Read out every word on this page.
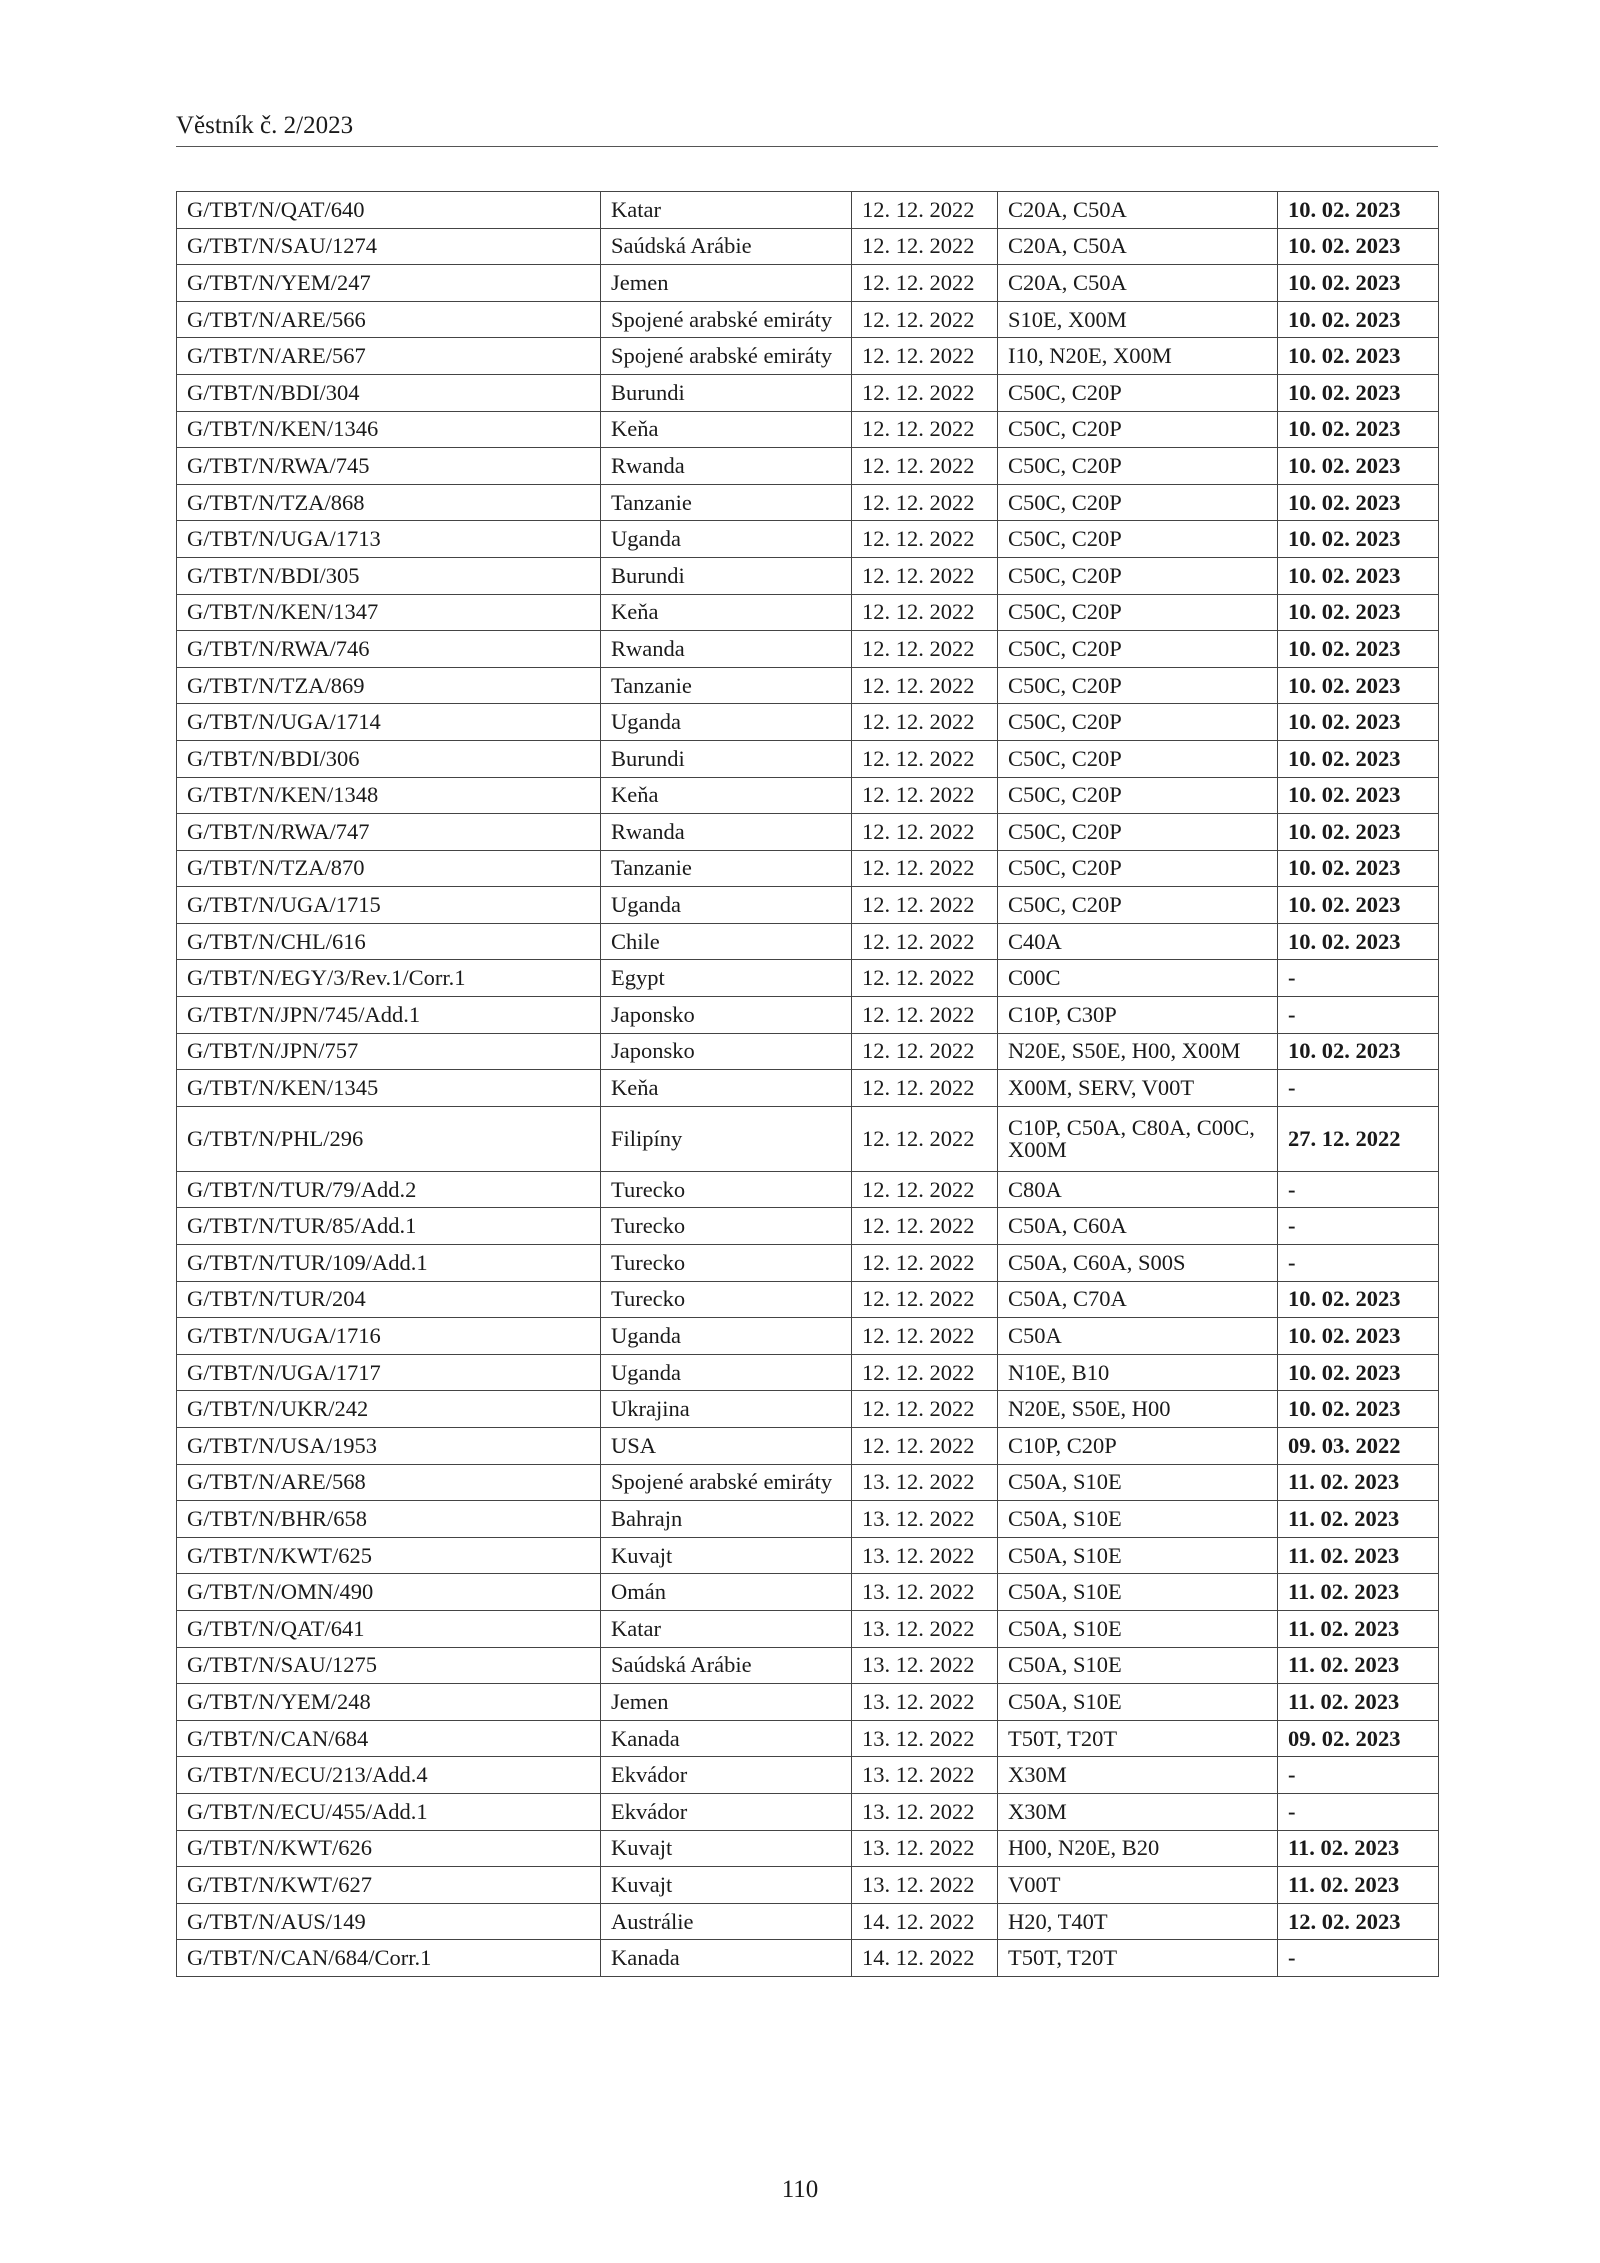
Věstník č. 2/2023
G/TBT/N/QAT/640	Katar	12. 12. 2022	C20A, C50A	10. 02. 2023
G/TBT/N/SAU/1274	Saúdská Arábie	12. 12. 2022	C20A, C50A	10. 02. 2023
G/TBT/N/YEM/247	Jemen	12. 12. 2022	C20A, C50A	10. 02. 2023
G/TBT/N/ARE/566	Spojené arabské emiráty	12. 12. 2022	S10E, X00M	10. 02. 2023
G/TBT/N/ARE/567	Spojené arabské emiráty	12. 12. 2022	I10, N20E, X00M	10. 02. 2023
G/TBT/N/BDI/304	Burundi	12. 12. 2022	C50C, C20P	10. 02. 2023
G/TBT/N/KEN/1346	Keňa	12. 12. 2022	C50C, C20P	10. 02. 2023
G/TBT/N/RWA/745	Rwanda	12. 12. 2022	C50C, C20P	10. 02. 2023
G/TBT/N/TZA/868	Tanzanie	12. 12. 2022	C50C, C20P	10. 02. 2023
G/TBT/N/UGA/1713	Uganda	12. 12. 2022	C50C, C20P	10. 02. 2023
G/TBT/N/BDI/305	Burundi	12. 12. 2022	C50C, C20P	10. 02. 2023
G/TBT/N/KEN/1347	Keňa	12. 12. 2022	C50C, C20P	10. 02. 2023
G/TBT/N/RWA/746	Rwanda	12. 12. 2022	C50C, C20P	10. 02. 2023
G/TBT/N/TZA/869	Tanzanie	12. 12. 2022	C50C, C20P	10. 02. 2023
G/TBT/N/UGA/1714	Uganda	12. 12. 2022	C50C, C20P	10. 02. 2023
G/TBT/N/BDI/306	Burundi	12. 12. 2022	C50C, C20P	10. 02. 2023
G/TBT/N/KEN/1348	Keňa	12. 12. 2022	C50C, C20P	10. 02. 2023
G/TBT/N/RWA/747	Rwanda	12. 12. 2022	C50C, C20P	10. 02. 2023
G/TBT/N/TZA/870	Tanzanie	12. 12. 2022	C50C, C20P	10. 02. 2023
G/TBT/N/UGA/1715	Uganda	12. 12. 2022	C50C, C20P	10. 02. 2023
G/TBT/N/CHL/616	Chile	12. 12. 2022	C40A	10. 02. 2023
G/TBT/N/EGY/3/Rev.1/Corr.1	Egypt	12. 12. 2022	C00C	-
G/TBT/N/JPN/745/Add.1	Japonsko	12. 12. 2022	C10P, C30P	-
G/TBT/N/JPN/757	Japonsko	12. 12. 2022	N20E, S50E, H00, X00M	10. 02. 2023
G/TBT/N/KEN/1345	Keňa	12. 12. 2022	X00M, SERV, V00T	-
G/TBT/N/PHL/296	Filipíny	12. 12. 2022	C10P, C50A, C80A, C00C, X00M	27. 12. 2022
G/TBT/N/TUR/79/Add.2	Turecko	12. 12. 2022	C80A	-
G/TBT/N/TUR/85/Add.1	Turecko	12. 12. 2022	C50A, C60A	-
G/TBT/N/TUR/109/Add.1	Turecko	12. 12. 2022	C50A, C60A, S00S	-
G/TBT/N/TUR/204	Turecko	12. 12. 2022	C50A, C70A	10. 02. 2023
G/TBT/N/UGA/1716	Uganda	12. 12. 2022	C50A	10. 02. 2023
G/TBT/N/UGA/1717	Uganda	12. 12. 2022	N10E, B10	10. 02. 2023
G/TBT/N/UKR/242	Ukrajina	12. 12. 2022	N20E, S50E, H00	10. 02. 2023
G/TBT/N/USA/1953	USA	12. 12. 2022	C10P, C20P	09. 03. 2022
G/TBT/N/ARE/568	Spojené arabské emiráty	13. 12. 2022	C50A, S10E	11. 02. 2023
G/TBT/N/BHR/658	Bahrajn	13. 12. 2022	C50A, S10E	11. 02. 2023
G/TBT/N/KWT/625	Kuvajt	13. 12. 2022	C50A, S10E	11. 02. 2023
G/TBT/N/OMN/490	Omán	13. 12. 2022	C50A, S10E	11. 02. 2023
G/TBT/N/QAT/641	Katar	13. 12. 2022	C50A, S10E	11. 02. 2023
G/TBT/N/SAU/1275	Saúdská Arábie	13. 12. 2022	C50A, S10E	11. 02. 2023
G/TBT/N/YEM/248	Jemen	13. 12. 2022	C50A, S10E	11. 02. 2023
G/TBT/N/CAN/684	Kanada	13. 12. 2022	T50T, T20T	09. 02. 2023
G/TBT/N/ECU/213/Add.4	Ekvádor	13. 12. 2022	X30M	-
G/TBT/N/ECU/455/Add.1	Ekvádor	13. 12. 2022	X30M	-
G/TBT/N/KWT/626	Kuvajt	13. 12. 2022	H00, N20E, B20	11. 02. 2023
G/TBT/N/KWT/627	Kuvajt	13. 12. 2022	V00T	11. 02. 2023
G/TBT/N/AUS/149	Austrálie	14. 12. 2022	H20, T40T	12. 02. 2023
G/TBT/N/CAN/684/Corr.1	Kanada	14. 12. 2022	T50T, T20T	-
110
